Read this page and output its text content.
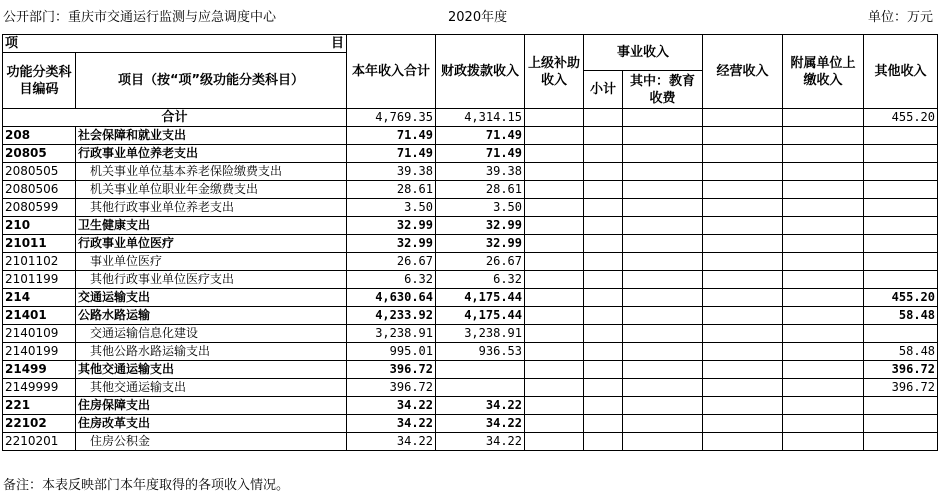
公开部门：重庆市交通运行监测与应急调度中心	2020年度	单位：万元
项 目		本年收入合计	财政拨款收入	上级补助收入	事业收入		经营收入	附属单位上缴收入	其他收入
功能分类科目编码	项目（按“项”级功能分类科目）								
					小计	其中：教育收费			
合计		4,769.35	4,314.15						455.20
208	社会保障和就业支出	71.49	71.49						
20805	行政事业单位养老支出	71.49	71.49						
2080505	机关事业单位基本养老保险缴费支出	39.38	39.38						
2080506	机关事业单位职业年金缴费支出	28.61	28.61						
2080599	其他行政事业单位养老支出	3.50	3.50						
210	卫生健康支出	32.99	32.99						
21011	行政事业单位医疗	32.99	32.99						
2101102	事业单位医疗	26.67	26.67						
2101199	其他行政事业单位医疗支出	6.32	6.32						
214	交通运输支出	4,630.64	4,175.44						455.20
21401	公路水路运输	4,233.92	4,175.44						58.48
2140109	交通运输信息化建设	3,238.91	3,238.91						
2140199	其他公路水路运输支出	995.01	936.53						58.48
21499	其他交通运输支出	396.72							396.72
2149999	其他交通运输支出	396.72							396.72
221	住房保障支出	34.22	34.22						
22102	住房改革支出	34.22	34.22						
2210201	住房公积金	34.22	34.22						
备注：本表反映部门本年度取得的各项收入情况。
